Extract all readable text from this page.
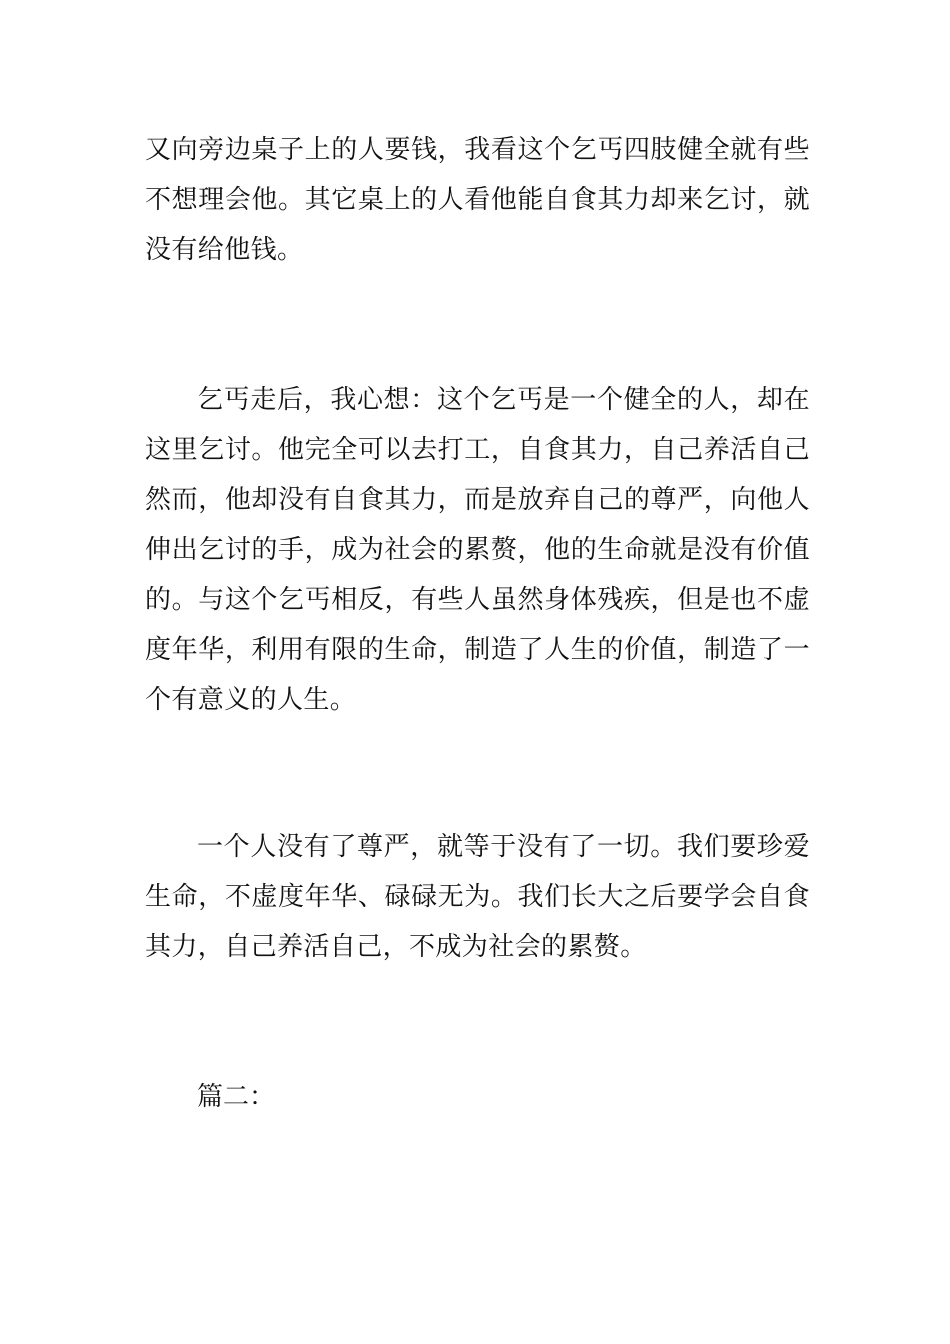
又向旁边桌子上的人要钱，我看这个乞丐四肢健全就有些不想理会他。其它桌上的人看他能自食其力却来乞讨，就没有给他钱。

乞丐走后，我心想：这个乞丐是一个健全的人，却在这里乞讨。他完全可以去打工，自食其力，自己养活自己然而，他却没有自食其力，而是放弃自己的尊严，向他人伸出乞讨的手，成为社会的累赘，他的生命就是没有价值的。与这个乞丐相反，有些人虽然身体残疾，但是也不虚度年华，利用有限的生命，制造了人生的价值，制造了一个有意义的人生。

一个人没有了尊严，就等于没有了一切。我们要珍爱生命，不虚度年华、碌碌无为。我们长大之后要学会自食其力，自己养活自己，不成为社会的累赘。

篇二：
